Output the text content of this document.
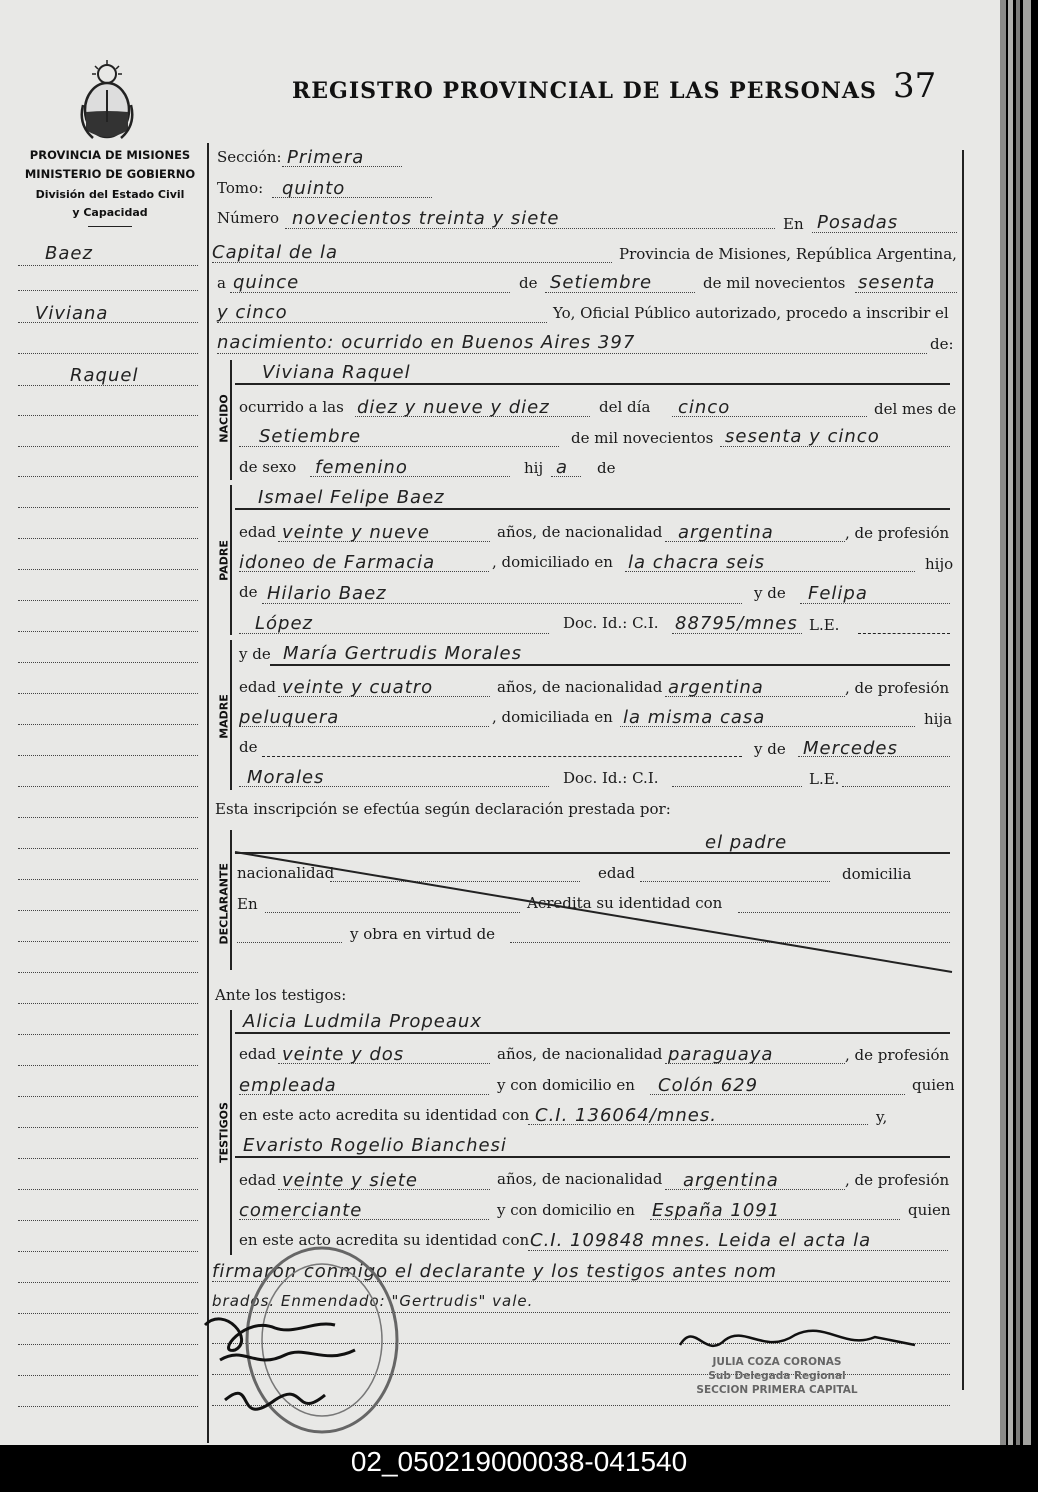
REGISTRO PROVINCIAL DE LAS PERSONAS 37
PROVINCIA DE MISIONES
MINISTERIO DE GOBIERNO
División del Estado Civil
y Capacidad
Baez
Viviana
Raquel
Sección: Primera
Tomo: quinto
Número novecientos treinta y siete	En Posadas
Capital de la	Provincia de Misiones, República Argentina,
a quince	de Setiembre	de mil novecientos sesenta
y cinco	Yo, Oficial Público autorizado, procedo a inscribir el
nacimiento: ocurrido en Buenos Aires 397	de:
NACIDO
Viviana Raquel
ocurrido a las diez y nueve y diez	del día cinco	del mes de
Setiembre	de mil novecientos sesenta y cinco
de sexo femenino	hij a de
PADRE
Ismael Felipe Baez
edad veinte y nueve	años, de nacionalidad argentina	, de profesión
idoneo de Farmacia	, domiciliado en la chacra seis	hijo
de Hilario Baez	y de Felipa
López	Doc. Id.: C.I. 88795/mnes L.E.
MADRE
y de María Gertrudis Morales
edad veinte y cuatro	años, de nacionalidad argentina	, de profesión
peluquera	, domiciliada en la misma casa	hija
de	y de Mercedes
Morales	Doc. Id.: C.I.	L.E.
Esta inscripción se efectúa según declaración prestada por:
DECLARANTE
el padre
nacionalidad	edad	domicilia
En	Acredita su identidad con
y obra en virtud de
Ante los testigos:
TESTIGOS
Alicia Ludmila Propeaux
edad veinte y dos	años, de nacionalidad paraguaya	, de profesión
empleada	y con domicilio en Colón 629	quien
en este acto acredita su identidad con C.I. 136064/mnes.	y,
Evaristo Rogelio Bianchesi
edad veinte y siete	años, de nacionalidad argentina	, de profesión
comerciante	y con domicilio en España 1091	quien
en este acto acredita su identidad con C.I. 109848 mnes. Leida el acta la
firmaron conmigo el declarante y los testigos antes nom
brados. Enmendado: "Gertrudis" vale.
JULIA COZA CORONAS
Sub Delegada Regional
SECCION PRIMERA CAPITAL
02_050219000038-041540
